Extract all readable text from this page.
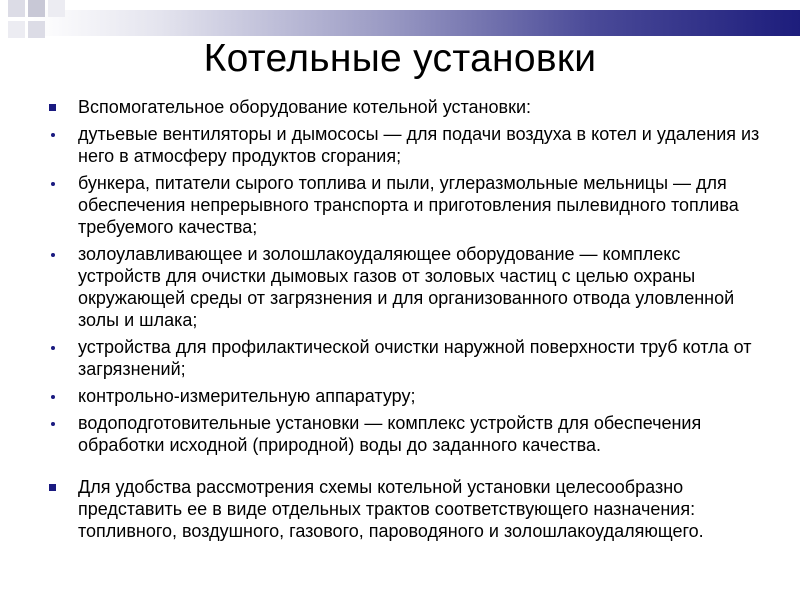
Котельные установки
Вспомогательное оборудование котельной установки:
дутьевые вентиляторы и дымососы — для подачи воздуха в котел и удаления из него в атмосферу продуктов сгорания;
бункера, питатели сырого топлива и пыли, углеразмольные мельницы — для обеспечения непрерывного транспорта и приготовления пылевидного топлива требуемого качества;
золоулавливающее и золошлакоудаляющее оборудование — комплекс устройств для очистки дымовых газов от золовых частиц с целью охраны окружающей среды от загрязнения и для организованного отвода уловленной золы и шлака;
устройства для профилактической очистки наружной поверхности труб котла от загрязнений;
контрольно-измерительную аппаратуру;
водоподготовительные установки — комплекс устройств для обеспечения обработки исходной (природной) воды до заданного качества.
Для удобства рассмотрения схемы котельной установки целесообразно представить ее в виде отдельных трактов соответствующего назначения: топливного, воздушного, газового, пароводяного и золошлакоудаляющего.
